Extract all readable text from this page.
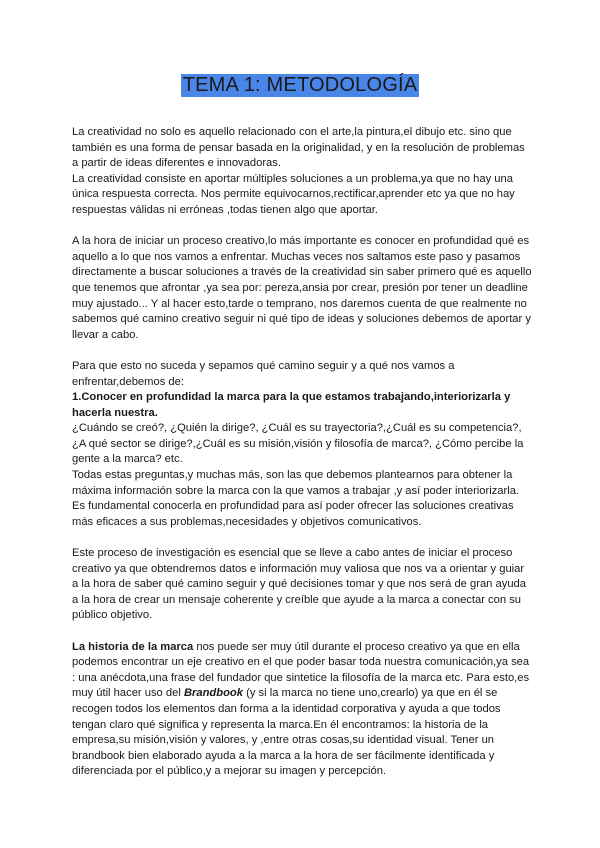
TEMA 1: METODOLOGÍA

La creatividad no solo es aquello relacionado con el arte,la pintura,el dibujo etc. sino que también es una forma de pensar basada en la originalidad, y en la resolución de problemas a partir de ideas diferentes e innovadoras.

La creatividad consiste en aportar múltiples soluciones a un problema,ya que no hay una única respuesta correcta. Nos permite equivocarnos,rectificar,aprender etc ya que no hay respuestas válidas ni erróneas ,todas tienen algo que aportar.

A la hora de iniciar un proceso creativo,lo más importante es conocer en profundidad qué es aquello a lo que nos vamos a enfrentar. Muchas veces nos saltamos este paso y pasamos directamente a buscar soluciones a través de la creatividad sin saber primero qué es aquello que tenemos que afrontar ,ya sea por: pereza,ansia por crear, presión por tener un deadline muy ajustado... Y al hacer esto,tarde o temprano, nos daremos cuenta de que realmente no sabemos qué camino creativo seguir ni qué tipo de ideas y soluciones debemos de aportar y llevar a cabo.

Para que esto no suceda y sepamos qué camino seguir y a qué nos vamos a enfrentar,debemos de:

1.Conocer en profundidad la marca para la que estamos trabajando,interiorizarla y hacerla nuestra.

¿Cuándo se creó?, ¿Quién la dirige?, ¿Cuál es su trayectoria?,¿Cuál es su competencia?, ¿A qué sector se dirige?,¿Cuál es su misión,visión y filosofía de marca?, ¿Cómo percibe la gente a la marca? etc.

Todas estas preguntas,y muchas más, son las que debemos plantearnos para obtener la máxima información sobre la marca con la que vamos a trabajar ,y así poder interiorizarla. Es fundamental conocerla en profundidad para así poder ofrecer las soluciones creativas más eficaces a sus problemas,necesidades y objetivos comunicativos.

Este proceso de investigación es esencial que se lleve a cabo antes de iniciar el proceso creativo ya que obtendremos datos e información muy valiosa que nos va a orientar y guiar a la hora de saber qué camino seguir y qué decisiones tomar y que nos será de gran ayuda a la hora de crear un mensaje coherente y creíble que ayude a la marca a conectar con su público objetivo.

La historia de la marca nos puede ser muy útil durante el proceso creativo ya que en ella podemos encontrar un eje creativo en el que poder basar toda nuestra comunicación,ya sea : una anécdota,una frase del fundador que sintetice la filosofía de la marca etc. Para esto,es muy útil hacer uso del Brandbook (y si la marca no tiene uno,crearlo) ya que en él se recogen todos los elementos dan forma a la identidad corporativa y ayuda a que todos tengan claro qué significa y representa la marca.En él encontramos: la historia de la empresa,su misión,visión y valores, y ,entre otras cosas,su identidad visual. Tener un brandbook bien elaborado ayuda a la marca a la hora de ser fácilmente identificada y diferenciada por el público,y a mejorar su imagen y percepción.
